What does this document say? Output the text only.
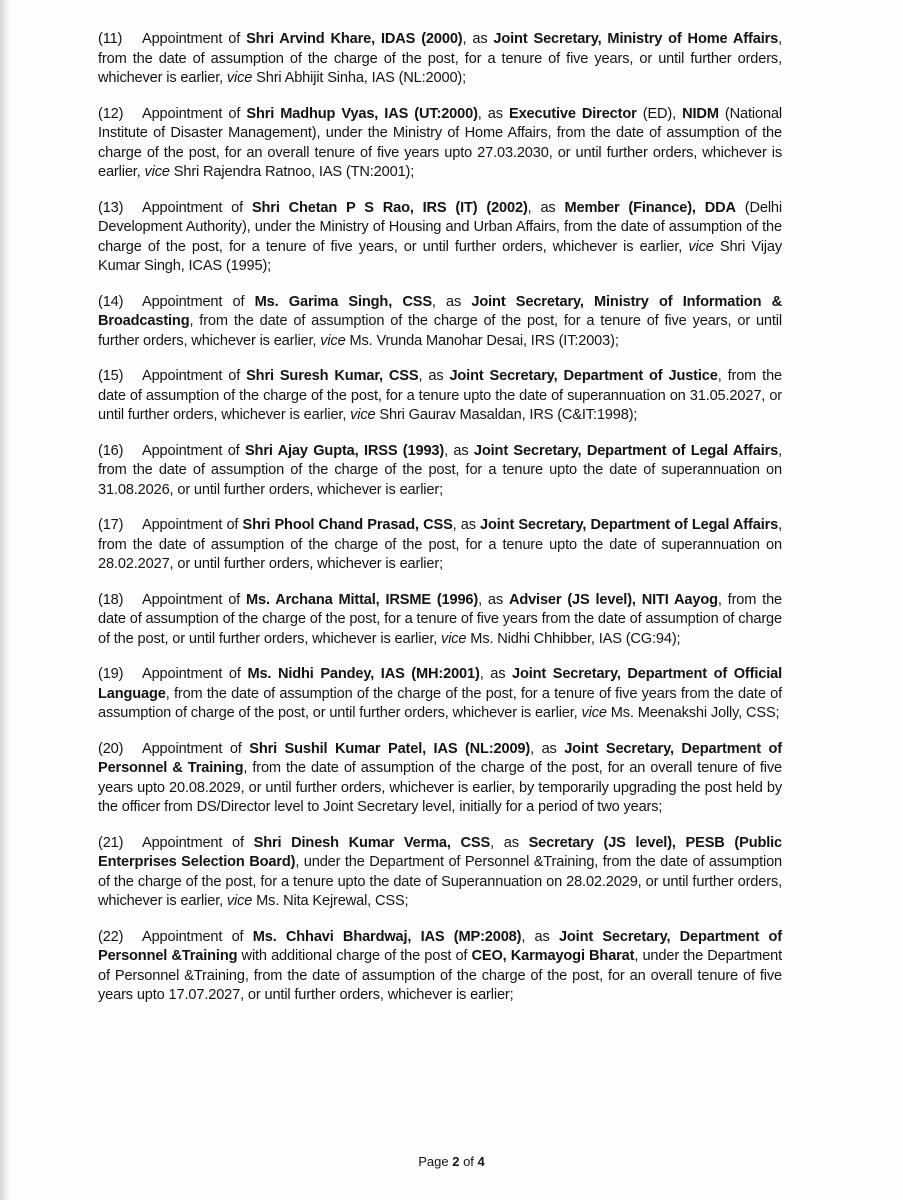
(11) Appointment of Shri Arvind Khare, IDAS (2000), as Joint Secretary, Ministry of Home Affairs, from the date of assumption of the charge of the post, for a tenure of five years, or until further orders, whichever is earlier, vice Shri Abhijit Sinha, IAS (NL:2000);

(12) Appointment of Shri Madhup Vyas, IAS (UT:2000), as Executive Director (ED), NIDM (National Institute of Disaster Management), under the Ministry of Home Affairs, from the date of assumption of the charge of the post, for an overall tenure of five years upto 27.03.2030, or until further orders, whichever is earlier, vice Shri Rajendra Ratnoo, IAS (TN:2001);

(13) Appointment of Shri Chetan P S Rao, IRS (IT) (2002), as Member (Finance), DDA (Delhi Development Authority), under the Ministry of Housing and Urban Affairs, from the date of assumption of the charge of the post, for a tenure of five years, or until further orders, whichever is earlier, vice Shri Vijay Kumar Singh, ICAS (1995);

(14) Appointment of Ms. Garima Singh, CSS, as Joint Secretary, Ministry of Information & Broadcasting, from the date of assumption of the charge of the post, for a tenure of five years, or until further orders, whichever is earlier, vice Ms. Vrunda Manohar Desai, IRS (IT:2003);

(15) Appointment of Shri Suresh Kumar, CSS, as Joint Secretary, Department of Justice, from the date of assumption of the charge of the post, for a tenure upto the date of superannuation on 31.05.2027, or until further orders, whichever is earlier, vice Shri Gaurav Masaldan, IRS (C&IT:1998);

(16) Appointment of Shri Ajay Gupta, IRSS (1993), as Joint Secretary, Department of Legal Affairs, from the date of assumption of the charge of the post, for a tenure upto the date of superannuation on 31.08.2026, or until further orders, whichever is earlier;

(17) Appointment of Shri Phool Chand Prasad, CSS, as Joint Secretary, Department of Legal Affairs, from the date of assumption of the charge of the post, for a tenure upto the date of superannuation on 28.02.2027, or until further orders, whichever is earlier;

(18) Appointment of Ms. Archana Mittal, IRSME (1996), as Adviser (JS level), NITI Aayog, from the date of assumption of the charge of the post, for a tenure of five years from the date of assumption of charge of the post, or until further orders, whichever is earlier, vice Ms. Nidhi Chhibber, IAS (CG:94);

(19) Appointment of Ms. Nidhi Pandey, IAS (MH:2001), as Joint Secretary, Department of Official Language, from the date of assumption of the charge of the post, for a tenure of five years from the date of assumption of charge of the post, or until further orders, whichever is earlier, vice Ms. Meenakshi Jolly, CSS;

(20) Appointment of Shri Sushil Kumar Patel, IAS (NL:2009), as Joint Secretary, Department of Personnel & Training, from the date of assumption of the charge of the post, for an overall tenure of five years upto 20.08.2029, or until further orders, whichever is earlier, by temporarily upgrading the post held by the officer from DS/Director level to Joint Secretary level, initially for a period of two years;

(21) Appointment of Shri Dinesh Kumar Verma, CSS, as Secretary (JS level), PESB (Public Enterprises Selection Board), under the Department of Personnel &Training, from the date of assumption of the charge of the post, for a tenure upto the date of Superannuation on 28.02.2029, or until further orders, whichever is earlier, vice Ms. Nita Kejrewal, CSS;

(22) Appointment of Ms. Chhavi Bhardwaj, IAS (MP:2008), as Joint Secretary, Department of Personnel &Training with additional charge of the post of CEO, Karmayogi Bharat, under the Department of Personnel &Training, from the date of assumption of the charge of the post, for an overall tenure of five years upto 17.07.2027, or until further orders, whichever is earlier;

Page 2 of 4
